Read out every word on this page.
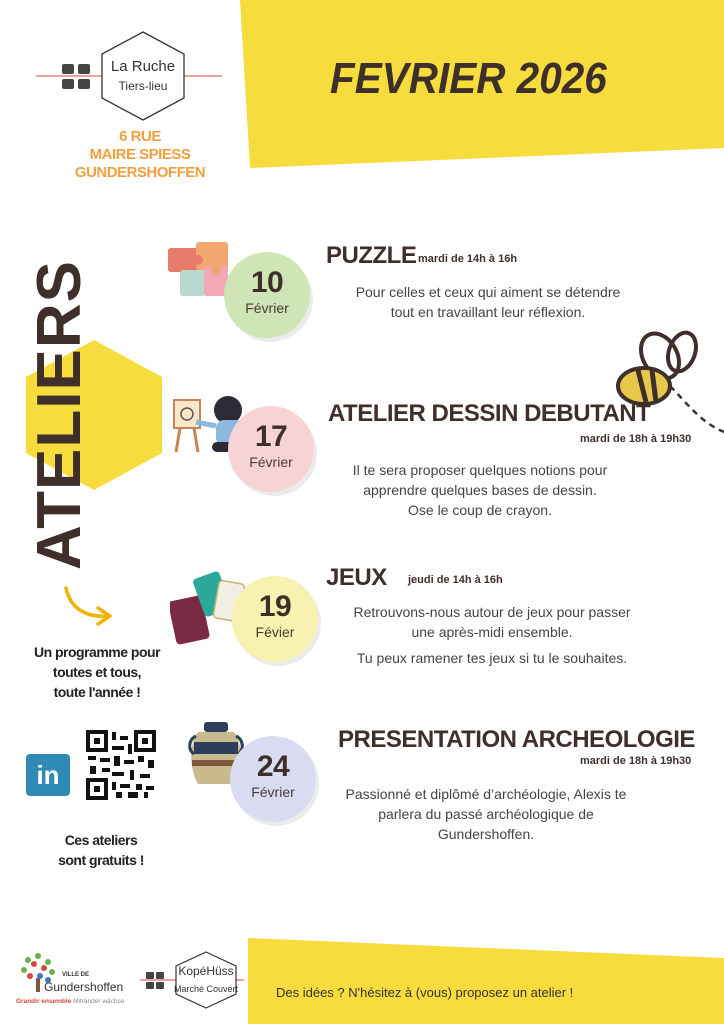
FEVRIER 2026
La Ruche
Tiers-lieu
6 RUE
MAIRE SPIESS
GUNDERSHOFFEN
ATELIERS
Un programme pour
toutes et tous,
toute l'année !
in
Ces ateliers
sont gratuits !
10
Février
PUZZLE mardi de 14h à 16h
Pour celles et ceux qui aiment se détendre
tout en travaillant leur réflexion.
17
Février
ATELIER DESSIN DEBUTANT
mardi de 18h à 19h30
Il te sera proposer quelques notions pour
apprendre quelques bases de dessin.
Ose le coup de crayon.
19
Févier
JEUX jeudi de 14h à 16h
Retrouvons-nous autour de jeux pour passer
une après-midi ensemble.
Tu peux ramener tes jeux si tu le souhaites.
24
Février
PRESENTATION ARCHEOLOGIE
mardi de 18h à 19h30
Passionné et diplômé d’archéologie, Alexis te
parlera du passé archéologique de
Gundershoffen.
VILLE DE
Gundershoffen
Grandir ensemble Mitränder wächse
KopéHüss
Marché Couvert	Des idées ? N'hésitez à (vous) proposez un atelier !
